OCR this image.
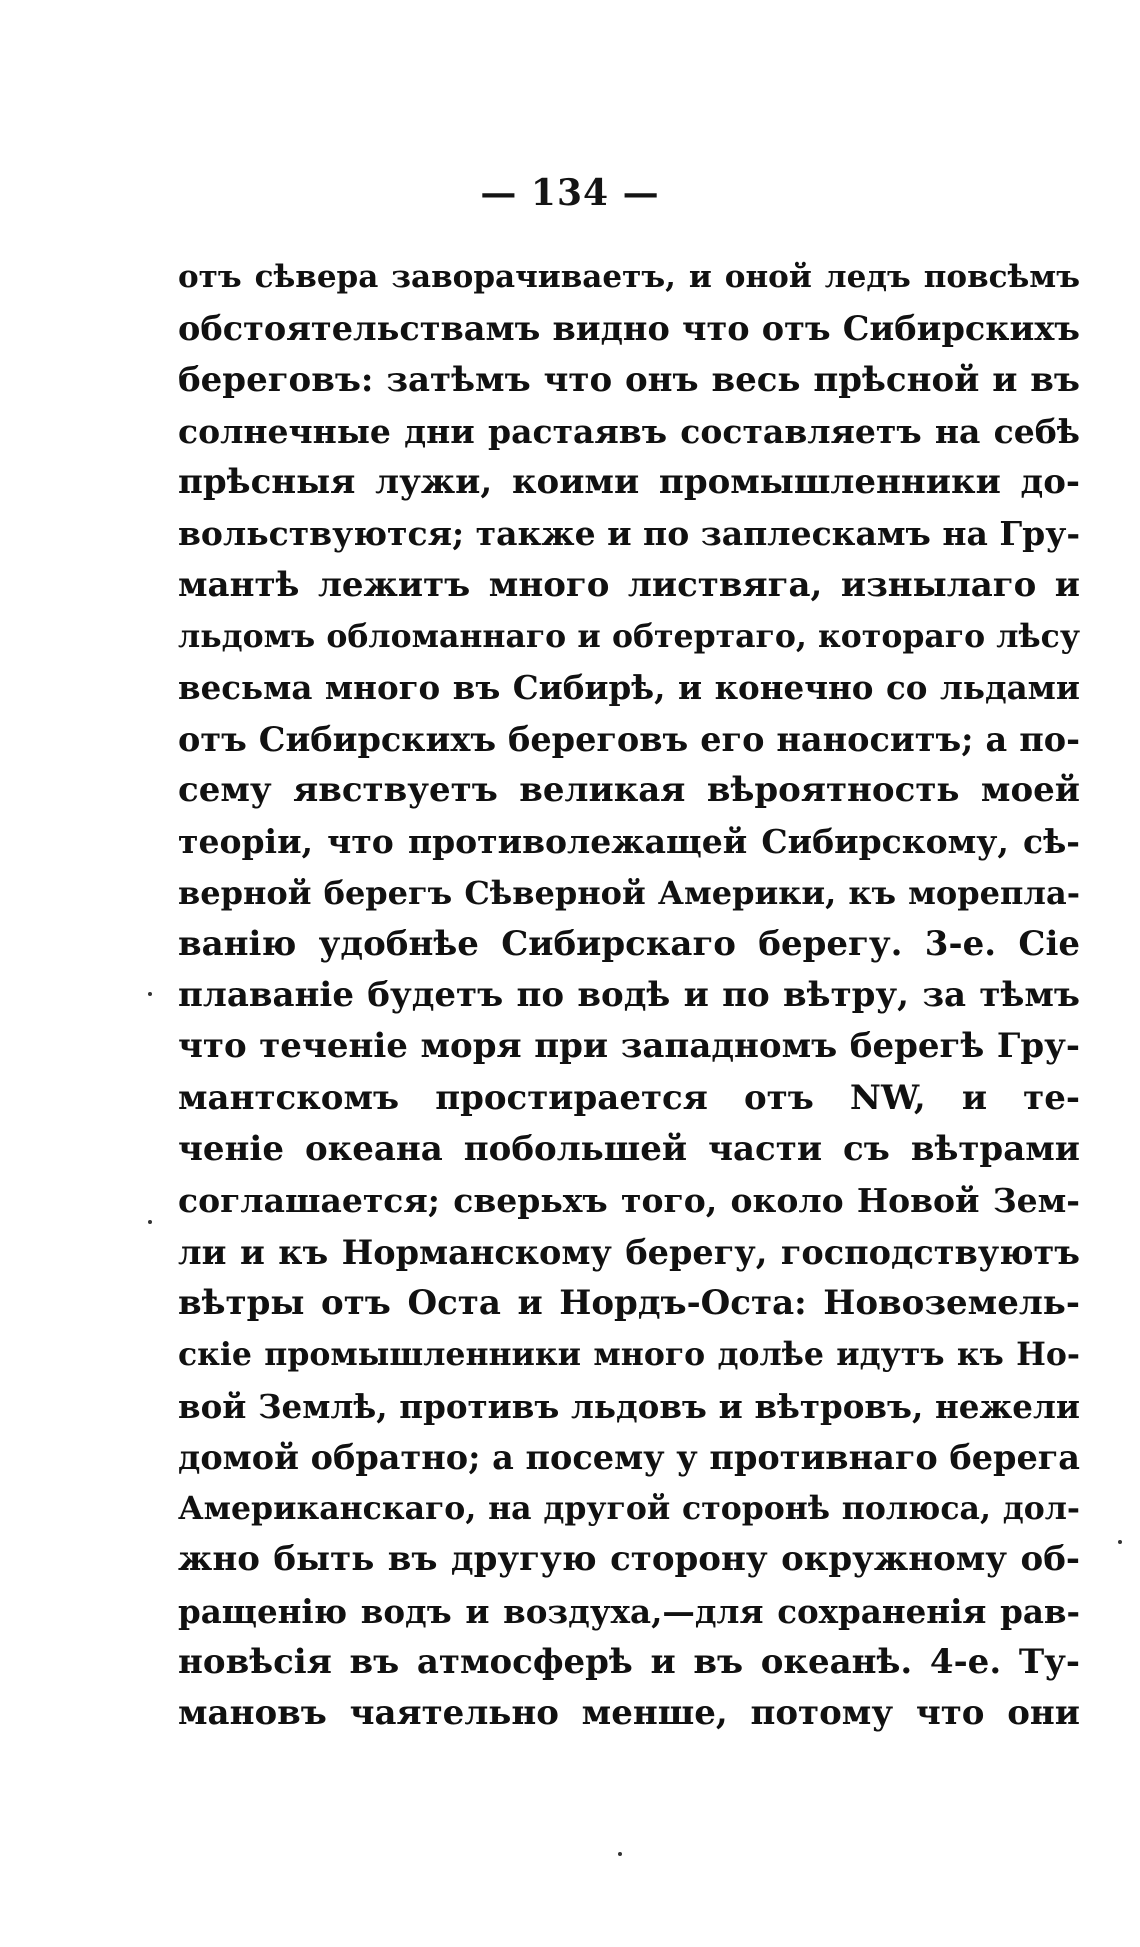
— 134 —
отъ сѣвера заворачиваетъ, и оной ледъ повсѣмъ
обстоятельствамъ видно что отъ Сибирскихъ
береговъ: затѣмъ что онъ весь прѣсной и въ
солнечные дни растаявъ составляетъ на себѣ
прѣсныя лужи, коими промышленники до-
вольствуются; также и по заплескамъ на Гру-
мантѣ лежитъ много листвяга, изнылаго и
льдомъ обломаннаго и обтертаго, котораго лѣсу
весьма много въ Сибирѣ, и конечно со льдами
отъ Сибирскихъ береговъ его наноситъ; а по-
сему явствуетъ великая вѣроятность моей
теоріи, что противолежащей Сибирскому, сѣ-
верной берегъ Сѣверной Америки, къ морепла-
ванію удобнѣе Сибирскаго берегу. 3-е. Сіе
плаваніе будетъ по водѣ и по вѣтру, за тѣмъ
что теченіе моря при западномъ берегѣ Гру-
мантскомъ простирается отъ NW, и те-
ченіе океана побольшей части съ вѣтрами
соглашается; сверьхъ того, около Новой Зем-
ли и къ Норманскому берегу, господствуютъ
вѣтры отъ Оста и Нордъ-Оста: Новоземель-
скіе промышленники много долѣе идутъ къ Но-
вой Землѣ, противъ льдовъ и вѣтровъ, нежели
домой обратно; а посему у противнаго берега
Американскаго, на другой сторонѣ полюса, дол-
жно быть въ другую сторону окружному об-
ращенію водъ и воздуха,—для сохраненія рав-
новѣсія въ атмосферѣ и въ океанѣ. 4-е. Ту-
мановъ чаятельно менше, потому что они
